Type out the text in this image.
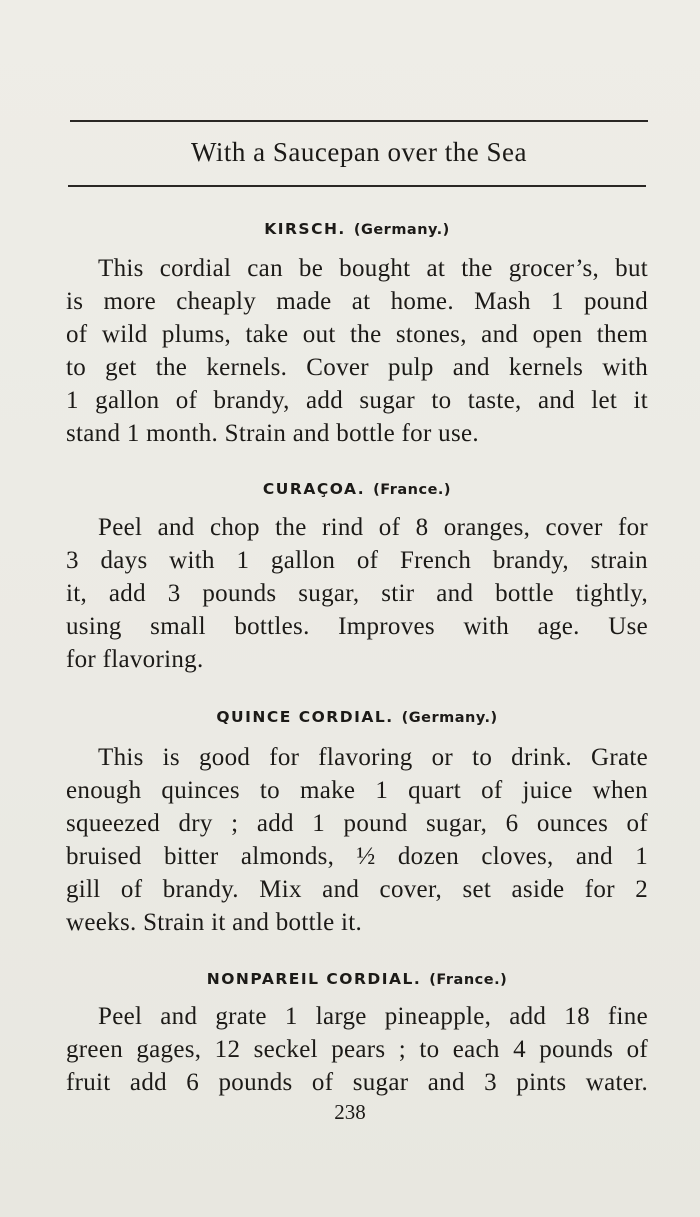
With a Saucepan over the Sea
KIRSCH. (Germany.)
This cordial can be bought at the grocer’s, but
is more cheaply made at home. Mash 1 pound
of wild plums, take out the stones, and open them
to get the kernels. Cover pulp and kernels with
1 gallon of brandy, add sugar to taste, and let it
stand 1 month. Strain and bottle for use.
CURAÇOA. (France.)
Peel and chop the rind of 8 oranges, cover for
3 days with 1 gallon of French brandy, strain
it, add 3 pounds sugar, stir and bottle tightly,
using small bottles. Improves with age. Use
for flavoring.
QUINCE CORDIAL. (Germany.)
This is good for flavoring or to drink. Grate
enough quinces to make 1 quart of juice when
squeezed dry ; add 1 pound sugar, 6 ounces of
bruised bitter almonds, ½ dozen cloves, and 1
gill of brandy. Mix and cover, set aside for 2
weeks. Strain it and bottle it.
NONPAREIL CORDIAL. (France.)
Peel and grate 1 large pineapple, add 18 fine
green gages, 12 seckel pears ; to each 4 pounds of
fruit add 6 pounds of sugar and 3 pints water.
238
